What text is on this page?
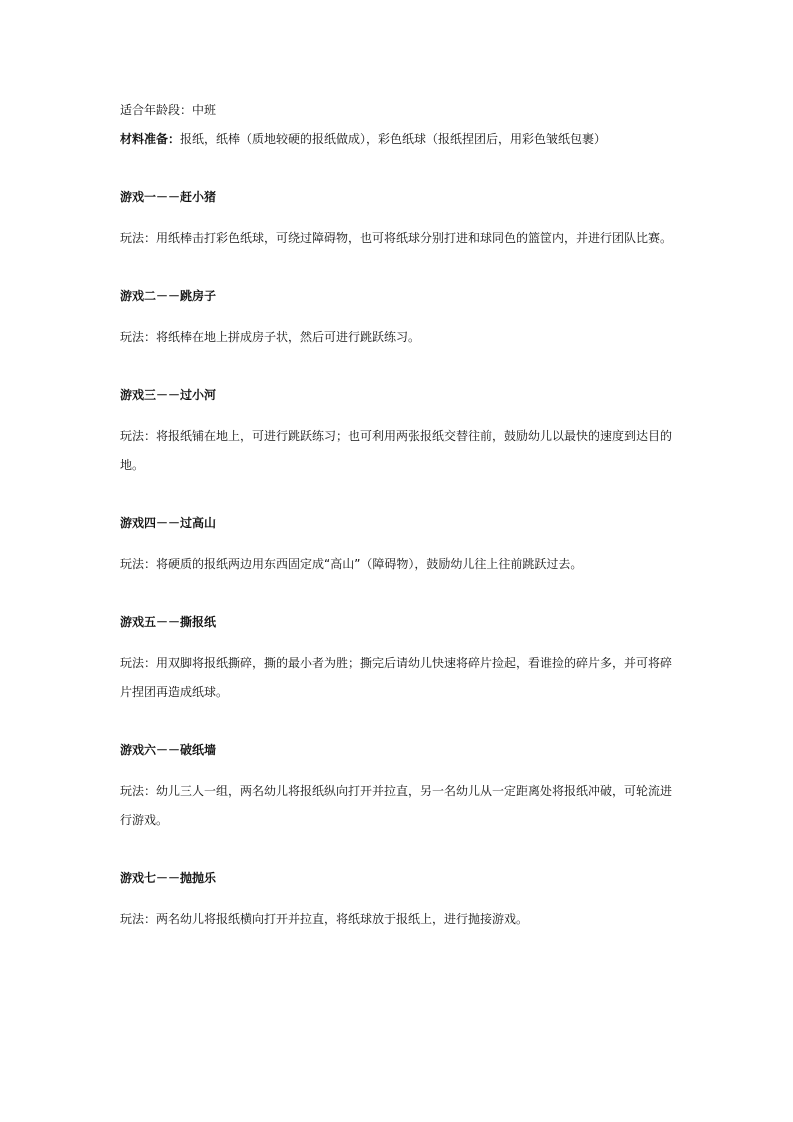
适合年龄段：中班

材料准备：报纸，纸棒（质地较硬的报纸做成），彩色纸球（报纸捏团后，用彩色皱纸包裹）

游戏一－－赶小猪

玩法：用纸棒击打彩色纸球，可绕过障碍物，也可将纸球分别打进和球同色的篮筐内，并进行团队比赛。

游戏二－－跳房子

玩法：将纸棒在地上拼成房子状，然后可进行跳跃练习。

游戏三－－过小河

玩法：将报纸铺在地上，可进行跳跃练习；也可利用两张报纸交替往前，鼓励幼儿以最快的速度到达目的地。

游戏四－－过高山

玩法：将硬质的报纸两边用东西固定成“高山”（障碍物），鼓励幼儿往上往前跳跃过去。

游戏五－－撕报纸

玩法：用双脚将报纸撕碎，撕的最小者为胜；撕完后请幼儿快速将碎片捡起，看谁捡的碎片多，并可将碎片捏团再造成纸球。

游戏六－－破纸墙

玩法：幼儿三人一组，两名幼儿将报纸纵向打开并拉直，另一名幼儿从一定距离处将报纸冲破，可轮流进行游戏。

游戏七－－抛抛乐

玩法：两名幼儿将报纸横向打开并拉直，将纸球放于报纸上，进行抛接游戏。
